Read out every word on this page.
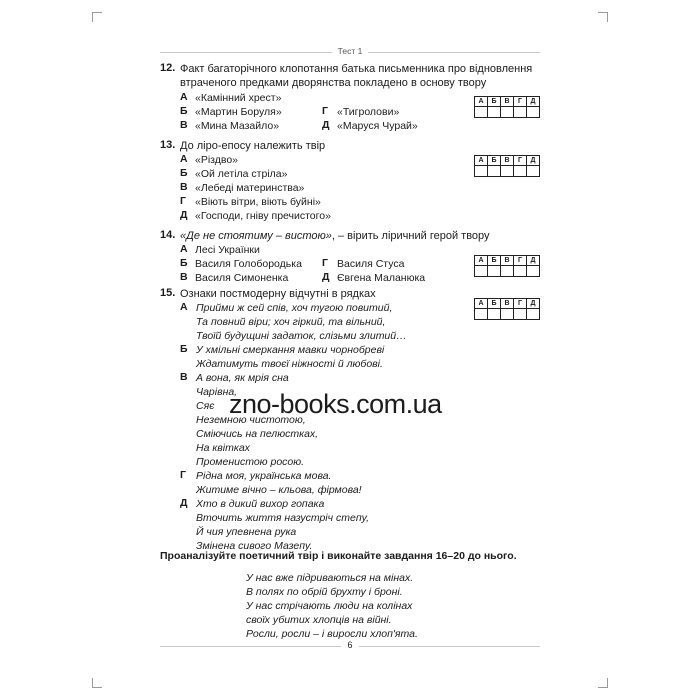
Тест 1
12. Факт багаторічного клопотання батька письменника про відновлення
втраченого предками дворянства покладено в основу твору
А «Камінний хрест»
Б «Мартин Боруля»
В «Мина Мазайло»
Г «Тигролови»
Д «Маруся Чурай»
А	Б	В	Г	Д

13. До ліро-епосу належить твір
А «Різдво»
Б «Ой летіла стріла»
В «Лебеді материнства»
Г «Віють вітри, віють буйні»
Д «Господи, гніву пречистого»
А	Б	В	Г	Д

14. «Де не стоятиму – вистою», – вірить ліричний герой твору
А Лесі Українки
Б Василя Голобородька
В Василя Симоненка
Г Василя Стуса
Д Євгена Маланюка
А	Б	В	Г	Д

15. Ознаки постмодерну відчутні в рядках
А	Б	В	Г	Д

А Прийми ж сей спів, хоч тугою повитий,
Та повний віри; хоч гіркий, та вільний,
Твоїй будущині задаток, слізьми злитий…
Б У хмільні смеркання мавки чорнобреві
Ждатимуть твоєї ніжності й любові.
В А вона, як мрія сна
Чарівна,
Сяє
Неземною чистотою,
Сміючись на пелюстках,
На квітках
Променистою росою.
Г Рідна моя, українська мова.
Житиме вічно – кльова, фірмова!
Д Хто в дикий вихор гопака
Вточить життя назустріч степу,
Й чия упевнена рука
Змінена сивого Мазепу.
zno-books.com.ua
Проаналізуйте поетичний твір і виконайте завдання 16–20 до нього.
У нас вже підриваються на мінах.
В полях по обрій брухту і броні.
У нас стрічають люди на колінах
своїх убитих хлопців на війні.
Росли, росли – і виросли хлоп'ята.
6
